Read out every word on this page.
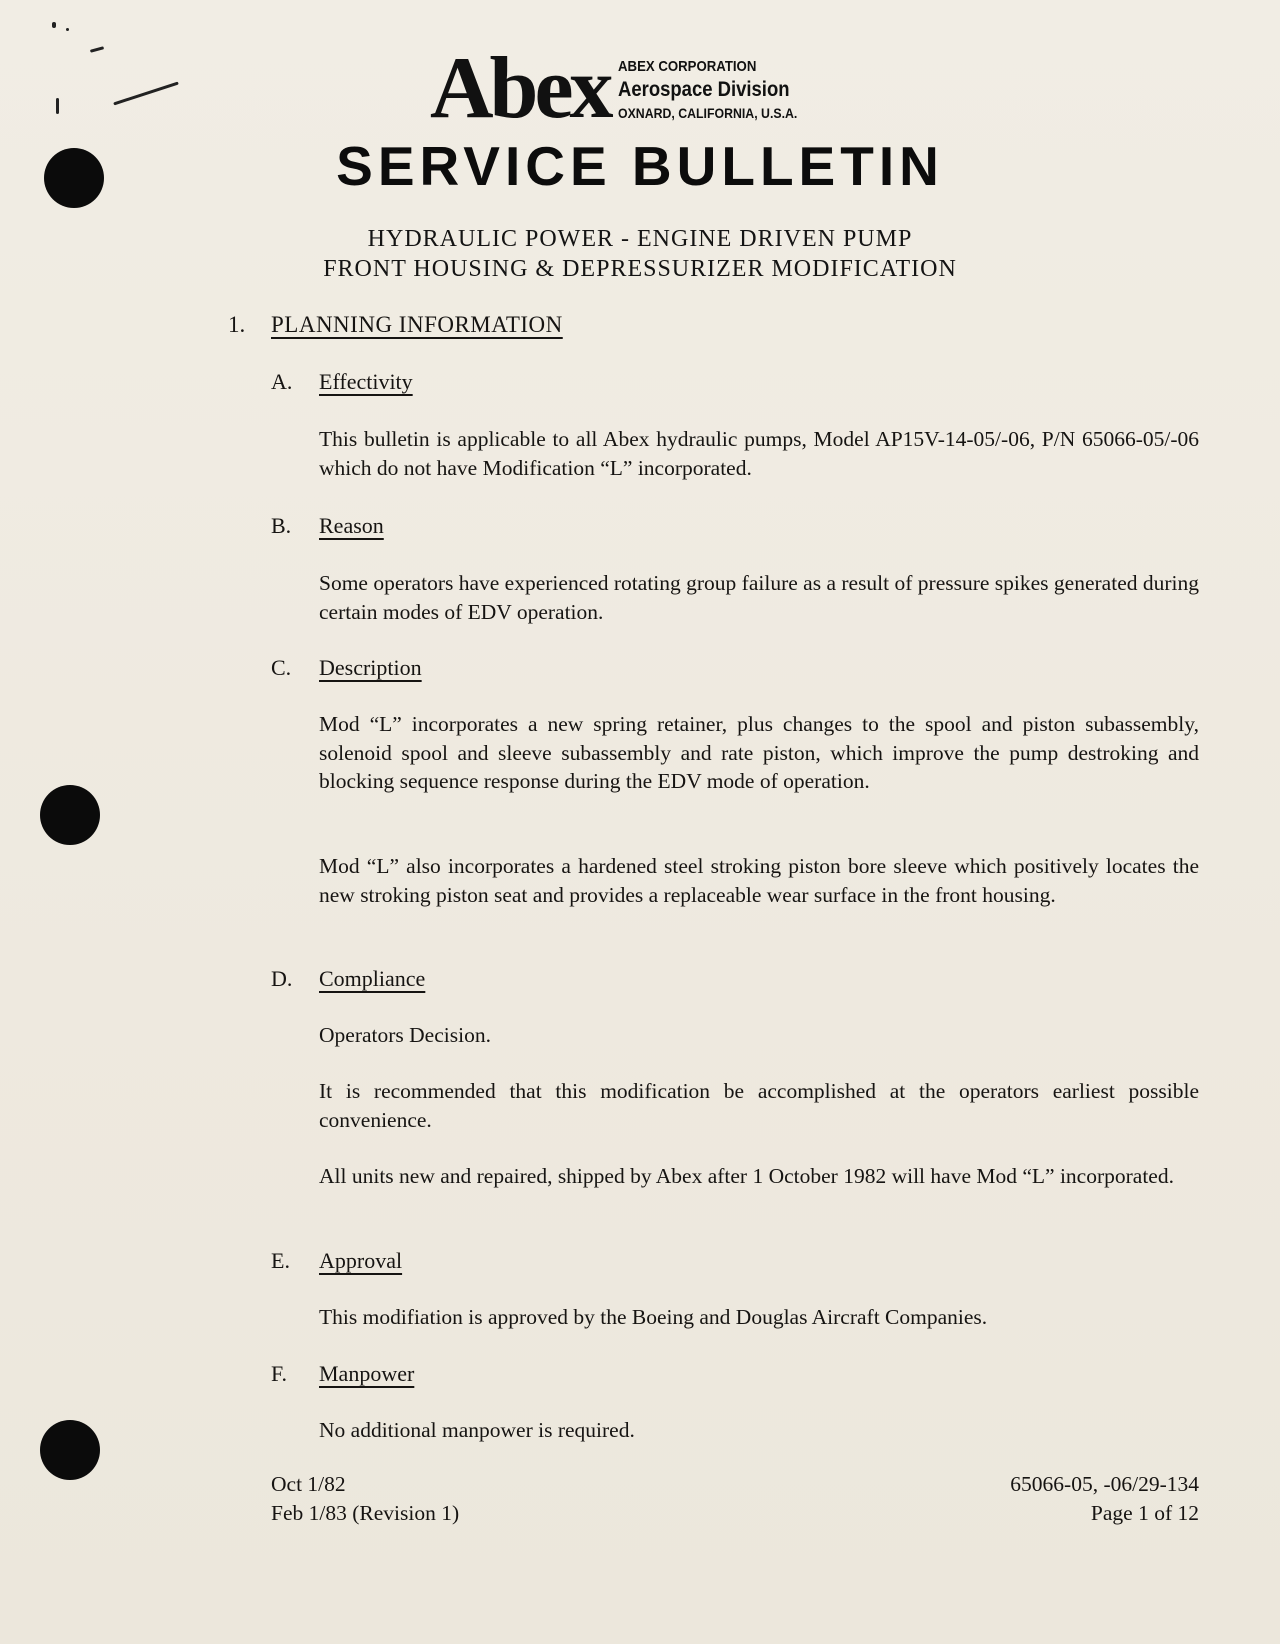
Abex ABEX CORPORATION
Aerospace Division
OXNARD, CALIFORNIA, U.S.A.
SERVICE BULLETIN
HYDRAULIC POWER - ENGINE DRIVEN PUMP
FRONT HOUSING & DEPRESSURIZER MODIFICATION
1. PLANNING INFORMATION
A. Effectivity
This bulletin is applicable to all Abex hydraulic pumps, Model AP15V-14-05/-06, P/N 65066-05/-06 which do not have Modification “L” incorporated.
B. Reason
Some operators have experienced rotating group failure as a result of pressure spikes generated during certain modes of EDV operation.
C. Description
Mod “L” incorporates a new spring retainer, plus changes to the spool and piston subassembly, solenoid spool and sleeve subassembly and rate piston, which improve the pump destroking and blocking sequence response during the EDV mode of operation.
Mod “L” also incorporates a hardened steel stroking piston bore sleeve which positively locates the new stroking piston seat and provides a replaceable wear surface in the front housing.
D. Compliance
Operators Decision.
It is recommended that this modification be accomplished at the operators earliest possible convenience.
All units new and repaired, shipped by Abex after 1 October 1982 will have Mod “L” incorporated.
E. Approval
This modifiation is approved by the Boeing and Douglas Aircraft Companies.
F. Manpower
No additional manpower is required.
Oct 1/82
Feb 1/83 (Revision 1)
65066-05, -06/29-134
Page 1 of 12
